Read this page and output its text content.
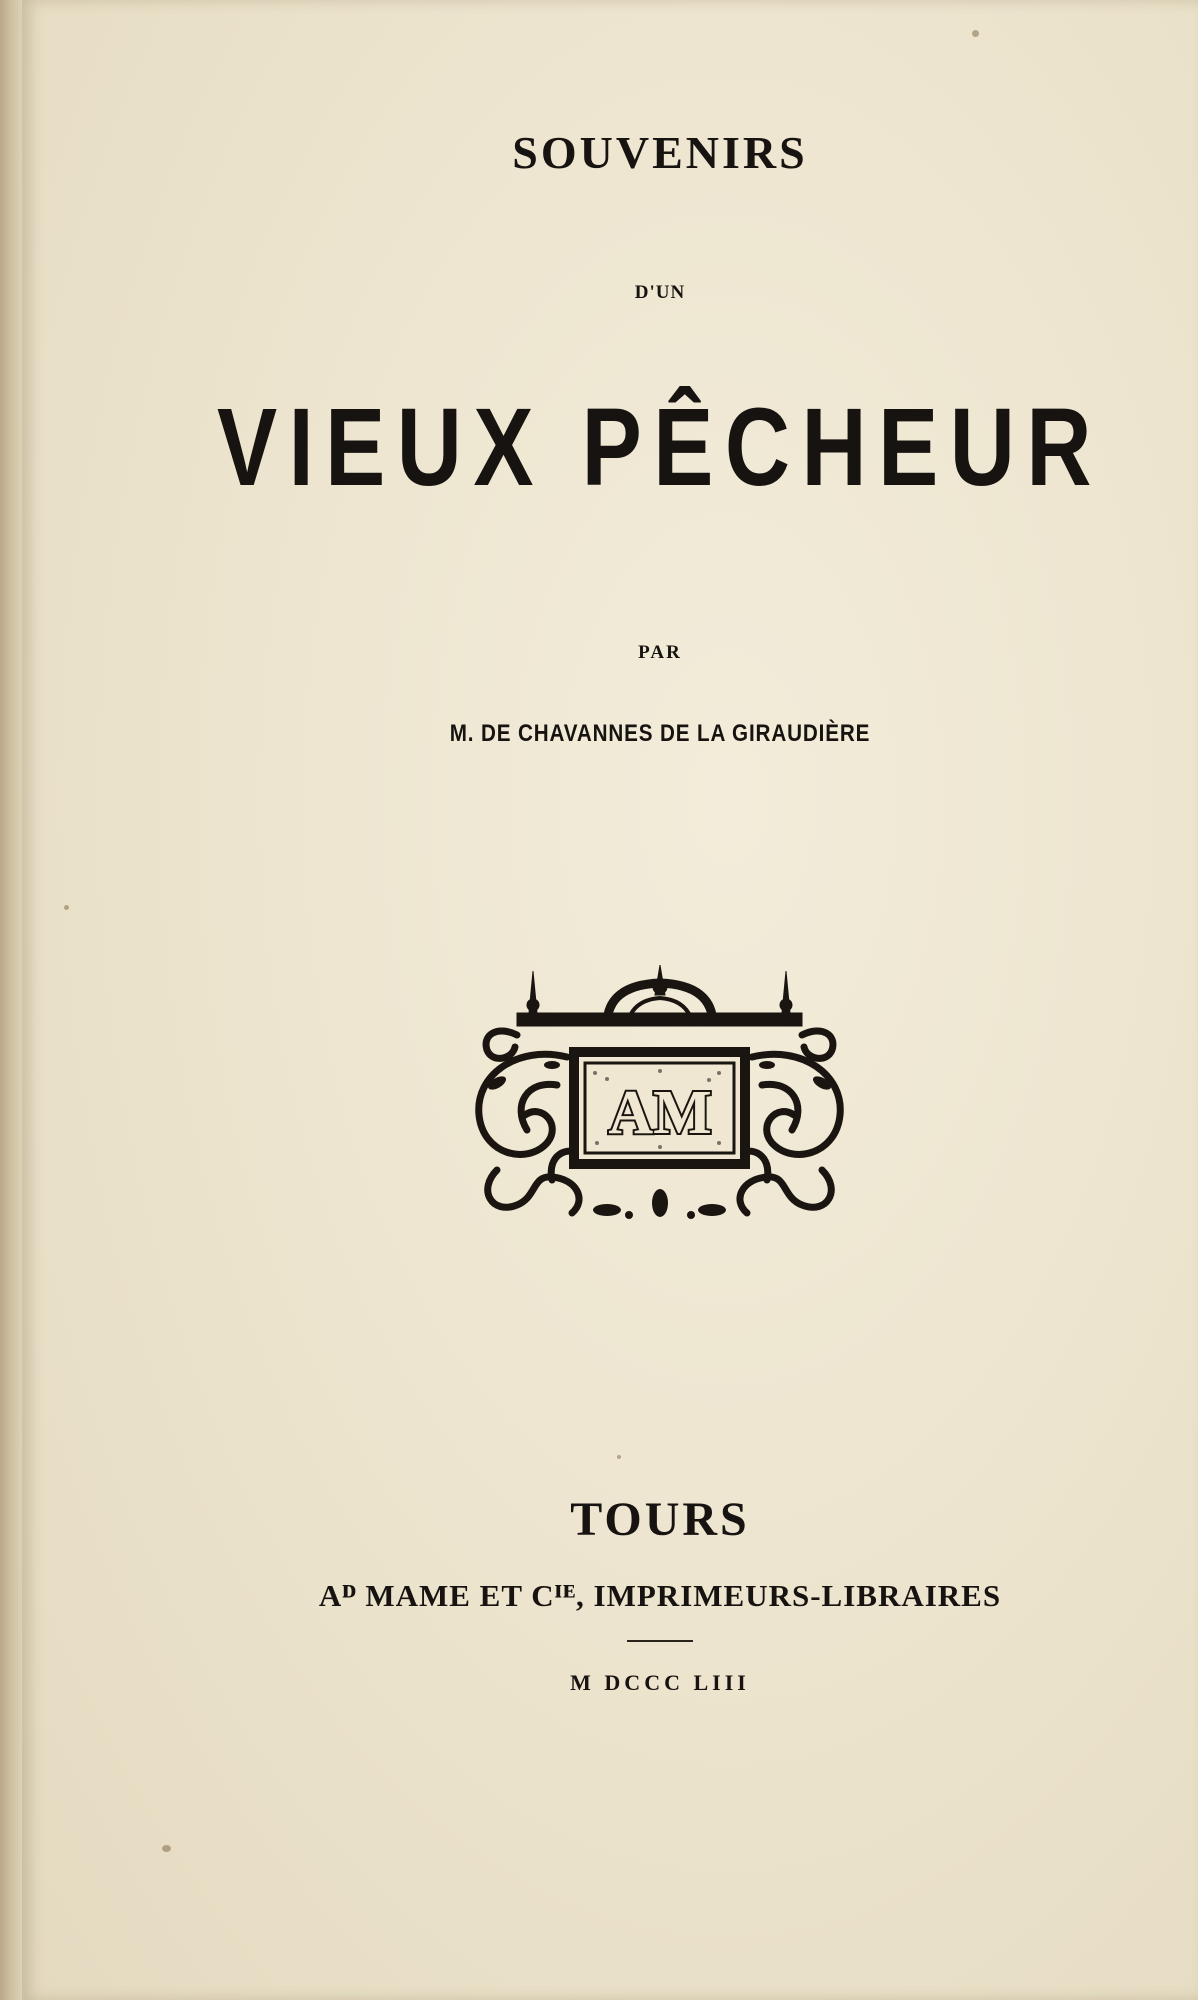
SOUVENIRS
D'UN
VIEUX PÊCHEUR
PAR
M. DE CHAVANNES DE LA GIRAUDIÈRE
AM
TOURS
Aᴰ MAME ET Cᴵᴱ, IMPRIMEURS-LIBRAIRES
M DCCC LIII
